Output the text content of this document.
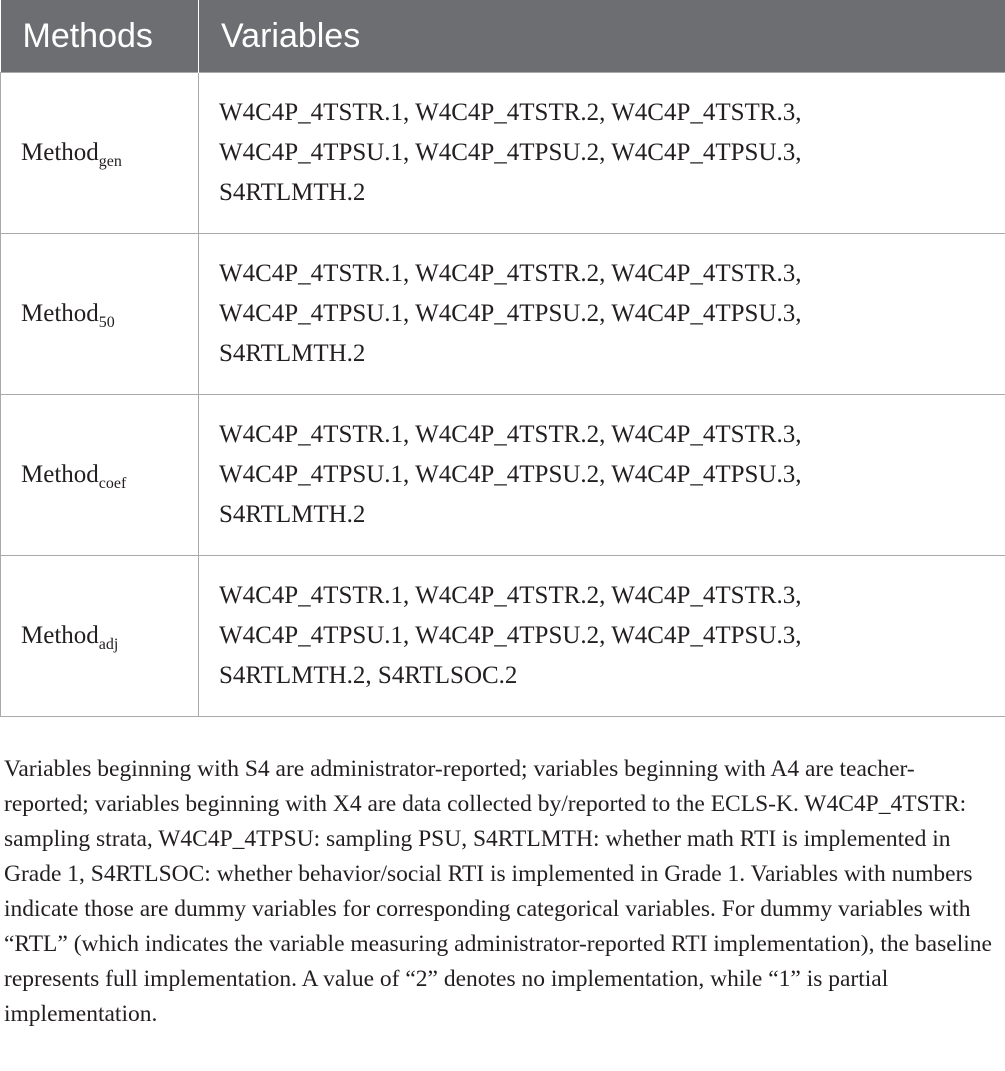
Methods	Variables
Method$_{gen}$	W4C4P_4TSTR.1, W4C4P_4TSTR.2, W4C4P_4TSTR.3,
W4C4P_4TPSU.1, W4C4P_4TPSU.2, W4C4P_4TPSU.3,
S4RTLMTH.2

Method$_{50}$	W4C4P_4TSTR.1, W4C4P_4TSTR.2, W4C4P_4TSTR.3,
W4C4P_4TPSU.1, W4C4P_4TPSU.2, W4C4P_4TPSU.3,
S4RTLMTH.2

Method$_{coef}$	W4C4P_4TSTR.1, W4C4P_4TSTR.2, W4C4P_4TSTR.3,
W4C4P_4TPSU.1, W4C4P_4TPSU.2, W4C4P_4TPSU.3,
S4RTLMTH.2

Method$_{adj}$	W4C4P_4TSTR.1, W4C4P_4TSTR.2, W4C4P_4TSTR.3,
W4C4P_4TPSU.1, W4C4P_4TPSU.2, W4C4P_4TPSU.3,
S4RTLMTH.2, S4RTLSOC.2

Variables beginning with S4 are administrator-reported; variables beginning with A4 are teacher-reported; variables beginning with X4 are data collected by/reported to the ECLS-K. W4C4P_4TSTR: sampling strata, W4C4P_4TPSU: sampling PSU, S4RTLMTH: whether math RTI is implemented in Grade 1, S4RTLSOC: whether behavior/social RTI is implemented in Grade 1. Variables with numbers indicate those are dummy variables for corresponding categorical variables. For dummy variables with “RTL” (which indicates the variable measuring administrator-reported RTI implementation), the baseline represents full implementation. A value of “2” denotes no implementation, while “1” is partial implementation.
